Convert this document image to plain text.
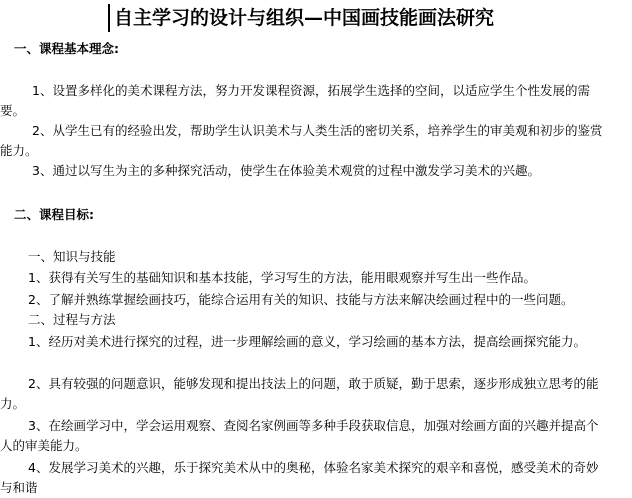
自主学习的设计与组织—中国画技能画法研究
一、课程基本理念:
1、设置多样化的美术课程方法，努力开发课程资源，拓展学生选择的空间，以适应学生个性发展的需要。
2、从学生已有的经验出发，帮助学生认识美术与人类生活的密切关系，培养学生的审美观和初步的鉴赏能力。
3、通过以写生为主的多种探究活动，使学生在体验美术观赏的过程中激发学习美术的兴趣。
二、课程目标:
一、知识与技能
1、获得有关写生的基础知识和基本技能，学习写生的方法，能用眼观察并写生出一些作品。
2、了解并熟练掌握绘画技巧，能综合运用有关的知识、技能与方法来解决绘画过程中的一些问题。
二、过程与方法
1、经历对美术进行探究的过程，进一步理解绘画的意义，学习绘画的基本方法，提高绘画探究能力。
2、具有较强的问题意识，能够发现和提出技法上的问题，敢于质疑，勤于思索，逐步形成独立思考的能力。
3、在绘画学习中，学会运用观察、查阅名家例画等多种手段获取信息，加强对绘画方面的兴趣并提高个人的审美能力。
4、发展学习美术的兴趣，乐于探究美术从中的奥秘，体验名家美术探究的艰辛和喜悦，感受美术的奇妙与和谐
